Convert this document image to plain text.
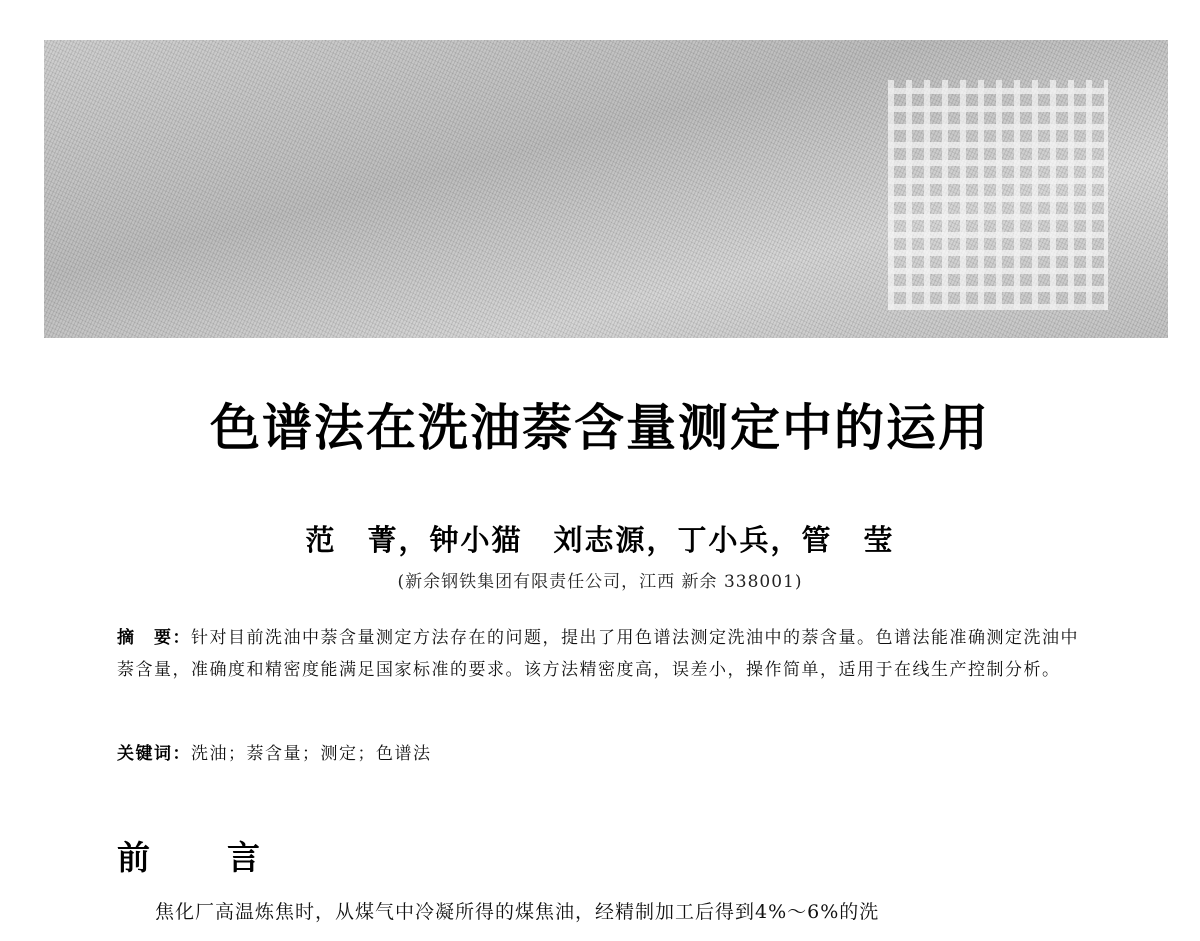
色谱法在洗油萘含量测定中的运用
范　菁，钟小猫　刘志源，丁小兵，管　莹
(新余钢铁集团有限责任公司，江西 新余 338001)
摘　要：针对目前洗油中萘含量测定方法存在的问题，提出了用色谱法测定洗油中的萘含量。色谱法能准确测定洗油中萘含量，准确度和精密度能满足国家标准的要求。该方法精密度高，误差小，操作简单，适用于在线生产控制分析。
关键词：洗油；萘含量；测定；色谱法
前　言
焦化厂高温炼焦时，从煤气中冷凝所得的煤焦油，经精制加工后得到4%～6%的洗
